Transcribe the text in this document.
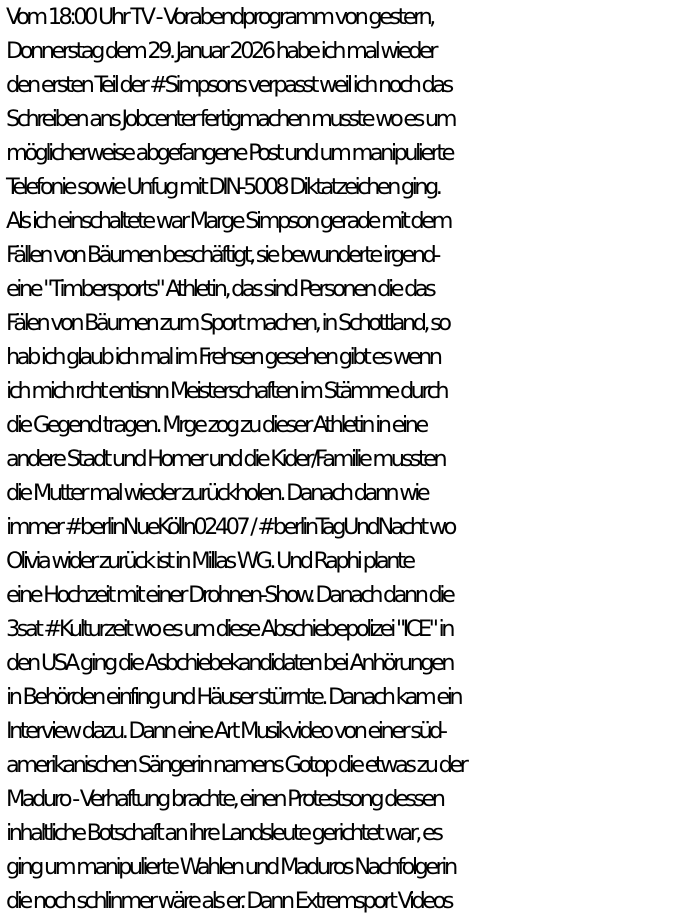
Vom 18:00 Uhr TV - Vorabendprogramm von gestern,
Donnerstag dem 29. Januar 2026 habe ich mal wieder
den ersten Teil der #Simpsons verpasst weil ich noch das
Schreiben ans Jobcenter fertigmachen musste wo es um
möglicherweise abgefangene Post und um manipulierte
Telefonie sowie Unfug mit DIN-5008 Diktatzeichen ging.
Als ich einschaltete war Marge Simpson gerade mit dem
Fällen von Bäumen beschäftigt, sie bewunderte irgend-
eine "Timbersports" Athletin, das sind Personen die das
Fälen von Bäumen zum Sport machen, in Schottland, so
hab ich glaub ich mal im Frehsen gesehen gibt es wenn
ich mich rcht entisnn Meisterschaften im Stämme durch
die Gegend tragen. Mrge zog zu dieser Athletin in eine
andere Stadt und Homer und die Kider/Familie mussten
die Mutter mal wieder zurückholen. Danach dann wie
immer #berlinNueKölln02407 / #berlinTagUndNacht wo
Olivia wider zurück ist in Millas WG. Und Raphi plante
eine Hochzeit mit einer Drohnen-Show. Danach dann die
3sat #Kulturzeit wo es um diese Abschiebepolizei "ICE" in
den USA ging die Asbchiebekandidaten bei Anhörungen
in Behörden einfing und Häuser stürmte. Danach kam ein
Interview dazu. Dann eine Art Musikvideo von einer süd-
amerikanischen Sängerin namens Gotop die etwas zu der
Maduro - Verhaftung brachte, einen Protestsong dessen
inhaltliche Botschaft an ihre Landsleute gerichtet war, es
ging um manipulierte Wahlen und Maduros Nachfolgerin
die noch schlinmer wäre als er. Dann Extremsport Videos
